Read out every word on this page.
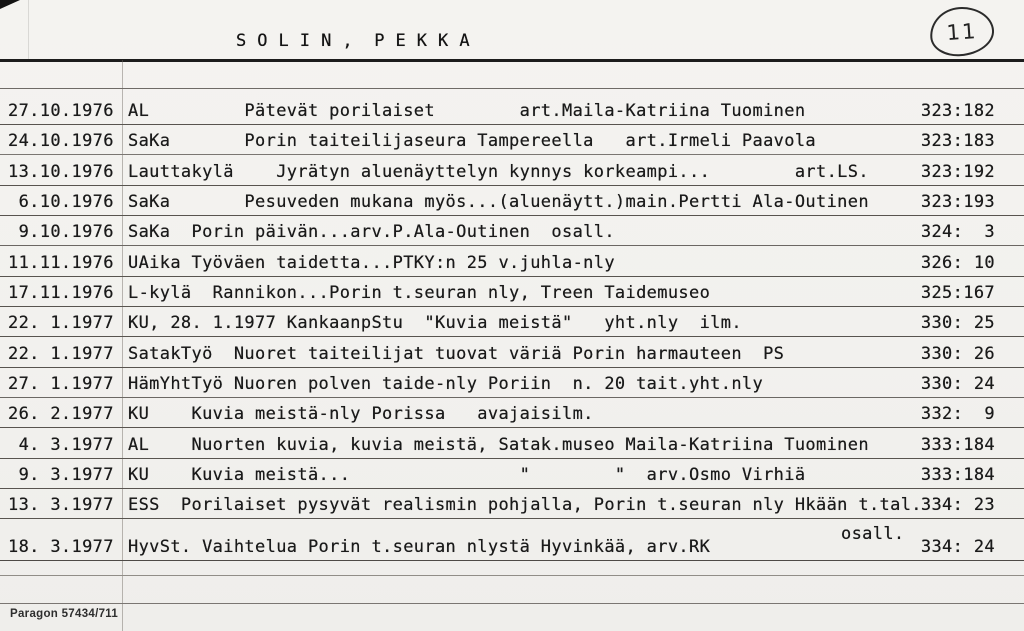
11
S O L I N ,  P E K K A
27.10.1976 AL         Pätevät porilaiset        art.Maila-Katriina Tuominen	323:182
24.10.1976 SaKa       Porin taiteilijaseura Tampereella   art.Irmeli Paavola	323:183
13.10.1976 Lauttakylä    Jyrätyn aluenäyttelyn kynnys korkeampi...        art.LS.	323:192
6.10.1976 SaKa       Pesuveden mukana myös...(aluenäytt.)main.Pertti Ala-Outinen	323:193
9.10.1976 SaKa  Porin päivän...arv.P.Ala-Outinen  osall.	324:  3
11.11.1976 UAika Työväen taidetta...PTKY:n 25 v.juhla-nly	326: 10
17.11.1976 L-kylä  Rannikon...Porin t.seuran nly, Treen Taidemuseo	325:167
22. 1.1977 KU, 28. 1.1977 KankaanpStu  "Kuvia meistä"   yht.nly  ilm.	330: 25
22. 1.1977 SatakTyö  Nuoret taiteilijat tuovat väriä Porin harmauteen  PS	330: 26
27. 1.1977 HämYhtTyö Nuoren polven taide-nly Poriin  n. 20 tait.yht.nly	330: 24
26. 2.1977 KU    Kuvia meistä-nly Porissa   avajaisilm.	332:  9
4. 3.1977 AL    Nuorten kuvia, kuvia meistä, Satak.museo Maila-Katriina Tuominen	333:184
9. 3.1977 KU    Kuvia meistä...                "        "  arv.Osmo Virhiä	333:184
13. 3.1977 ESS  Porilaiset pysyvät realismin pohjalla, Porin t.seuran nly Hkään t.tal. 334: 23
osall.
18. 3.1977 HyvSt. Vaihtelua Porin t.seuran nlystä Hyvinkää, arv.RK	334: 24
Paragon 57434/711
